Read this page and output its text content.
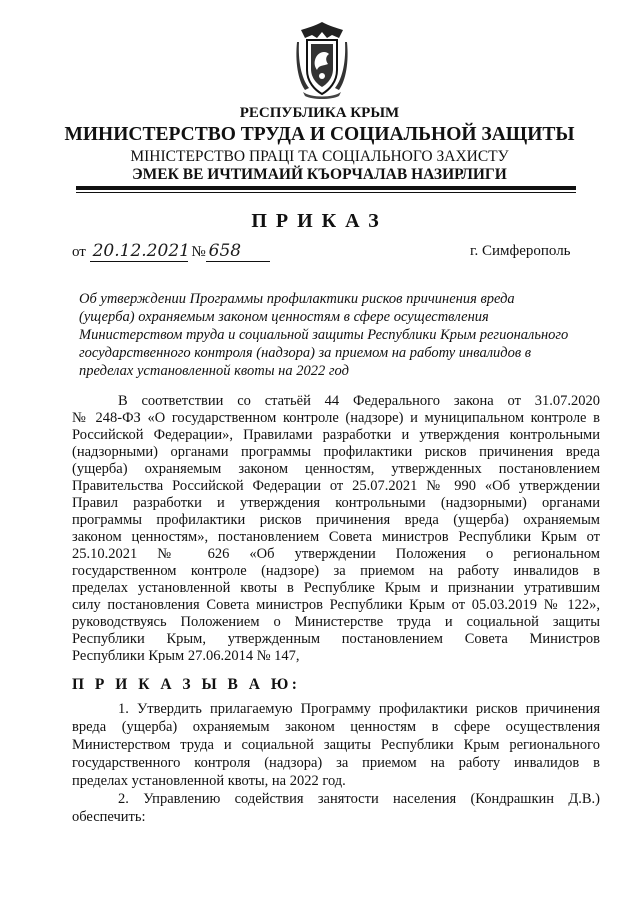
РЕСПУБЛИКА КРЫМ
МИНИСТЕРСТВО ТРУДА И СОЦИАЛЬНОЙ ЗАЩИТЫ
МІНІСТЕРСТВО ПРАЦІ ТА СОЦІАЛЬНОГО ЗАХИСТУ
ЭМЕК ВЕ ИЧТИМАИЙ КЪОРЧАЛАВ НАЗИРЛИГИ
ПРИКАЗ
от 20.12.2021 № 658	г. Симферополь
Об утверждении Программы профилактики рисков причинения вреда
(ущерба) охраняемым законом ценностям в сфере осуществления
Министерством труда и социальной защиты Республики Крым регионального
государственного контроля (надзора) за приемом на работу инвалидов в
пределах установленной квоты на 2022 год
В соответствии со статьёй 44 Федерального закона от 31.07.2020
№ 248-ФЗ «О государственном контроле (надзоре) и муниципальном контроле в
Российской Федерации», Правилами разработки и утверждения контрольными
(надзорными) органами программы профилактики рисков причинения вреда
(ущерба) охраняемым законом ценностям, утвержденных постановлением
Правительства Российской Федерации от 25.07.2021 № 990 «Об утверждении
Правил разработки и утверждения контрольными (надзорными) органами
программы профилактики рисков причинения вреда (ущерба) охраняемым
законом ценностям», постановлением Совета министров Республики Крым от
25.10.2021 № 626 «Об утверждении Положения о региональном
государственном контроле (надзоре) за приемом на работу инвалидов в
пределах установленной квоты в Республике Крым и признании утратившим
силу постановления Совета министров Республики Крым от 05.03.2019 № 122»,
руководствуясь Положением о Министерстве труда и социальной защиты
Республики Крым, утвержденным постановлением Совета Министров
Республики Крым 27.06.2014 № 147,
П Р И К А З Ы В А Ю:
1. Утвердить прилагаемую Программу профилактики рисков причинения
вреда (ущерба) охраняемым законом ценностям в сфере осуществления
Министерством труда и социальной защиты Республики Крым регионального
государственного контроля (надзора) за приемом на работу инвалидов в
пределах установленной квоты, на 2022 год.
2. Управлению содействия занятости населения (Кондрашкин Д.В.)
обеспечить:
